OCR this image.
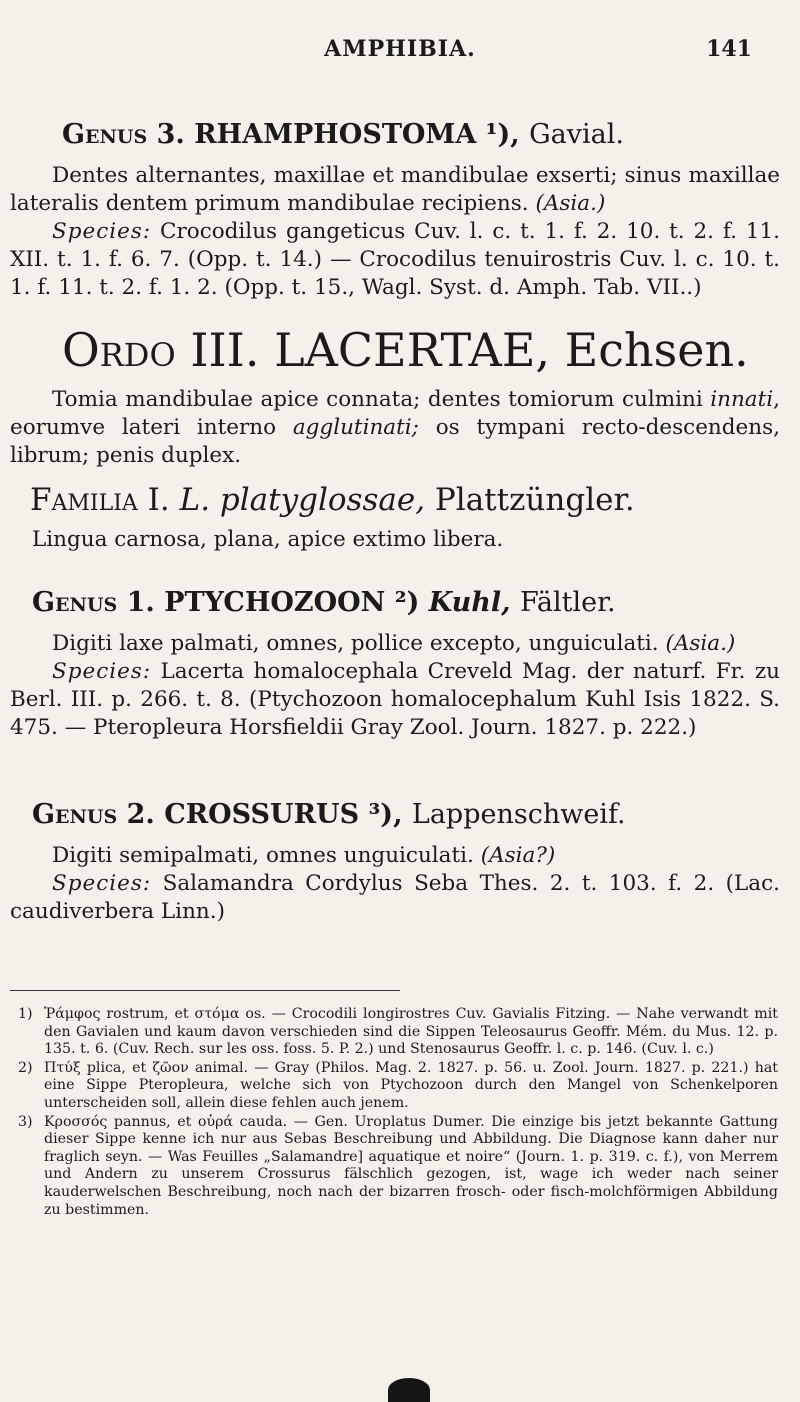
AMPHIBIA.	141
Genus 3. RHAMPHOSTOMA ¹), Gavial.
Dentes alternantes, maxillae et mandibulae exserti; sinus maxillae lateralis dentem primum mandibulae recipiens. (Asia.)
Species: Crocodilus gangeticus Cuv. l. c. t. 1. f. 2. 10. t. 2. f. 11. XII. t. 1. f. 6. 7. (Opp. t. 14.) — Crocodilus tenuirostris Cuv. l. c. 10. t. 1. f. 11. t. 2. f. 1. 2. (Opp. t. 15., Wagl. Syst. d. Amph. Tab. VII..)
Ordo III. LACERTAE, Echsen.
Tomia mandibulae apice connata; dentes tomiorum culmini innati, eorumve lateri interno agglutinati; os tympani recto-descendens, librum; penis duplex.
Familia I. L. platyglossae, Plattzüngler.
Lingua carnosa, plana, apice extimo libera.
Genus 1. PTYCHOZOON ²) Kuhl, Fältler.
Digiti laxe palmati, omnes, pollice excepto, unguiculati. (Asia.)
Species: Lacerta homalocephala Creveld Mag. der naturf. Fr. zu Berl. III. p. 266. t. 8. (Ptychozoon homalocephalum Kuhl Isis 1822. S. 475. — Pteropleura Horsfieldii Gray Zool. Journ. 1827. p. 222.)
Genus 2. CROSSURUS ³), Lappenschweif.
Digiti semipalmati, omnes unguiculati. (Asia?)
Species: Salamandra Cordylus Seba Thes. 2. t. 103. f. 2. (Lac. caudiverbera Linn.)
1) Ῥάμφος rostrum, et στόμα os. — Crocodili longirostres Cuv. Gavialis Fitzing. — Nahe verwandt mit den Gavialen und kaum davon verschieden sind die Sippen Teleosaurus Geoffr. Mém. du Mus. 12. p. 135. t. 6. (Cuv. Rech. sur les oss. foss. 5. P. 2.) und Stenosaurus Geoffr. l. c. p. 146. (Cuv. l. c.)
2) Πτύξ plica, et ζῶον animal. — Gray (Philos. Mag. 2. 1827. p. 56. u. Zool. Journ. 1827. p. 221.) hat eine Sippe Pteropleura, welche sich von Ptychozoon durch den Mangel von Schenkelporen unterscheiden soll, allein diese fehlen auch jenem.
3) Κροσσός pannus, et οὐρά cauda. — Gen. Uroplatus Dumer. Die einzige bis jetzt bekannte Gattung dieser Sippe kenne ich nur aus Sebas Beschreibung und Abbildung. Die Diagnose kann daher nur fraglich seyn. — Was Feuilles „Salamandre] aquatique et noire“ (Journ. 1. p. 319. c. f.), von Merrem und Andern zu unserem Crossurus fälschlich gezogen, ist, wage ich weder nach seiner kauderwelschen Beschreibung, noch nach der bizarren frosch- oder fisch-molchförmigen Abbildung zu bestimmen.
